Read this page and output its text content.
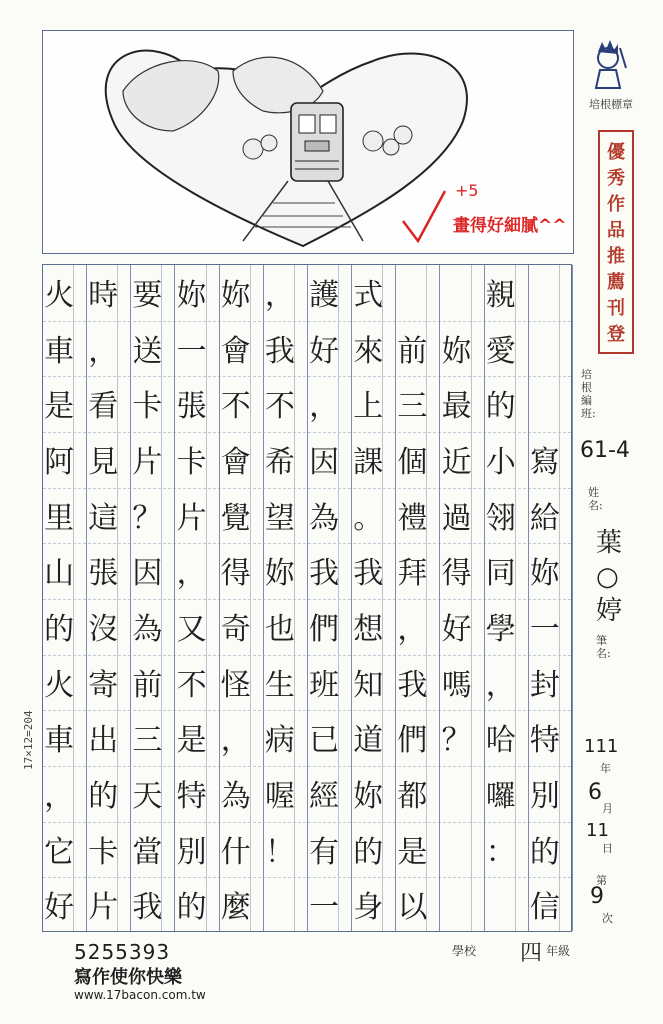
+5
畫得好細膩^^
培根標章
優
秀
作
品
推
薦
刊
登
培根編班:
61-4
姓名:
葉○婷
筆名:
111
年
6
月
11
日
第
9
次
寫
給
妳
一
封
特
別
的
信
親
愛
的
小
翎
同
學
，
哈
囉
：
妳
最
近
過
得
好
嗎
？
前
三
個
禮
拜
，
我
們
都
是
以
式
來
上
課
。
我
想
知
道
妳
的
身
護
好
，
因
為
我
們
班
已
經
有
一
，
我
不
希
望
妳
也
生
病
喔
！
妳
會
不
會
覺
得
奇
怪
，
為
什
麼
妳
一
張
卡
片
，
又
不
是
特
別
的
要
送
卡
片
？
因
為
前
三
天
當
我
時
，
看
見
這
張
沒
寄
出
的
卡
片
火
車
是
阿
里
山
的
火
車
，
它
好
17×12=204
5255393
寫作使你快樂
www.17bacon.com.tw
學校 四 年級
